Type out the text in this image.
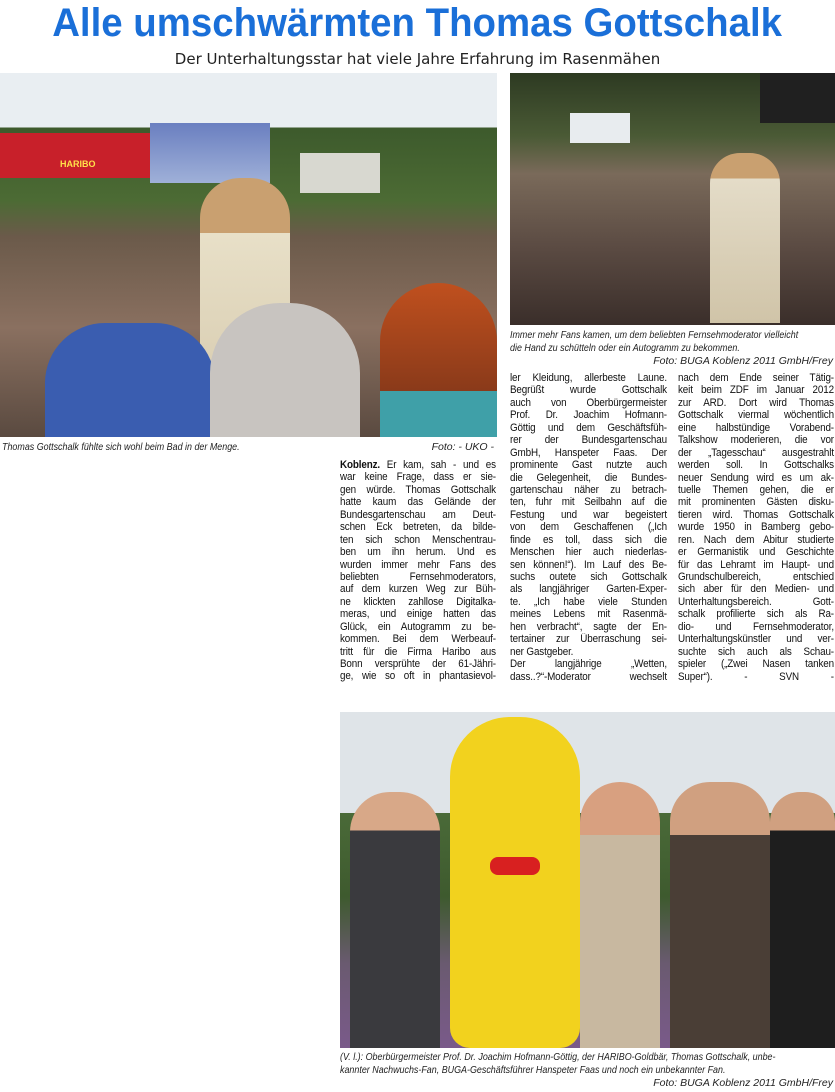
Alle umschwärmten Thomas Gottschalk
Der Unterhaltungsstar hat viele Jahre Erfahrung im Rasenmähen
HARIBO
Thomas Gottschalk fühlte sich wohl beim Bad in der Menge.	Foto: - UKO -
Immer mehr Fans kamen, um dem beliebten Fernsehmoderator vielleicht
die Hand zu schütteln oder ein Autogramm zu bekommen.
Foto: BUGA Koblenz 2011 GmbH/Frey
Koblenz. Er kam, sah - und es
war keine Frage, dass er sie-
gen würde. Thomas Gottschalk
hatte kaum das Gelände der
Bundesgartenschau am Deut-
schen Eck betreten, da bilde-
ten sich schon Menschentrau-
ben um ihn herum. Und es
wurden immer mehr Fans des
beliebten Fernsehmoderators,
auf dem kurzen Weg zur Büh-
ne klickten zahllose Digitalka-
meras, und einige hatten das
Glück, ein Autogramm zu be-
kommen. Bei dem Werbeauf-
tritt für die Firma Haribo aus
Bonn versprühte der 61-Jähri-
ge, wie so oft in phantasievol-
ler Kleidung, allerbeste Laune.
Begrüßt wurde Gottschalk
auch von Oberbürgermeister
Prof. Dr. Joachim Hofmann-
Göttig und dem Geschäftsfüh-
rer der Bundesgartenschau
GmbH, Hanspeter Faas. Der
prominente Gast nutzte auch
die Gelegenheit, die Bundes-
gartenschau näher zu betrach-
ten, fuhr mit Seilbahn auf die
Festung und war begeistert
von dem Geschaffenen („Ich
finde es toll, dass sich die
Menschen hier auch niederlas-
sen können!“). Im Lauf des Be-
suchs outete sich Gottschalk
als langjähriger Garten-Exper-
te. „Ich habe viele Stunden
meines Lebens mit Rasenmä-
hen verbracht“, sagte der En-
tertainer zur Überraschung sei-
ner Gastgeber.
Der langjährige „Wetten,
dass..?“-Moderator wechselt
nach dem Ende seiner Tätig-
keit beim ZDF im Januar 2012
zur ARD. Dort wird Thomas
Gottschalk viermal wöchentlich
eine halbstündige Vorabend-
Talkshow moderieren, die vor
der „Tagesschau“ ausgestrahlt
werden soll. In Gottschalks
neuer Sendung wird es um ak-
tuelle Themen gehen, die er
mit prominenten Gästen disku-
tieren wird. Thomas Gottschalk
wurde 1950 in Bamberg gebo-
ren. Nach dem Abitur studierte
er Germanistik und Geschichte
für das Lehramt im Haupt- und
Grundschulbereich, entschied
sich aber für den Medien- und
Unterhaltungsbereich. Gott-
schalk profilierte sich als Ra-
dio- und Fernsehmoderator,
Unterhaltungskünstler und ver-
suchte sich auch als Schau-
spieler („Zwei Nasen tanken
Super“). - SVN -
(V. l.): Oberbürgermeister Prof. Dr. Joachim Hofmann-Göttig, der HARIBO-Goldbär, Thomas Gottschalk, unbe-
kannter Nachwuchs-Fan, BUGA-Geschäftsführer Hanspeter Faas und noch ein unbekannter Fan.
Foto: BUGA Koblenz 2011 GmbH/Frey
